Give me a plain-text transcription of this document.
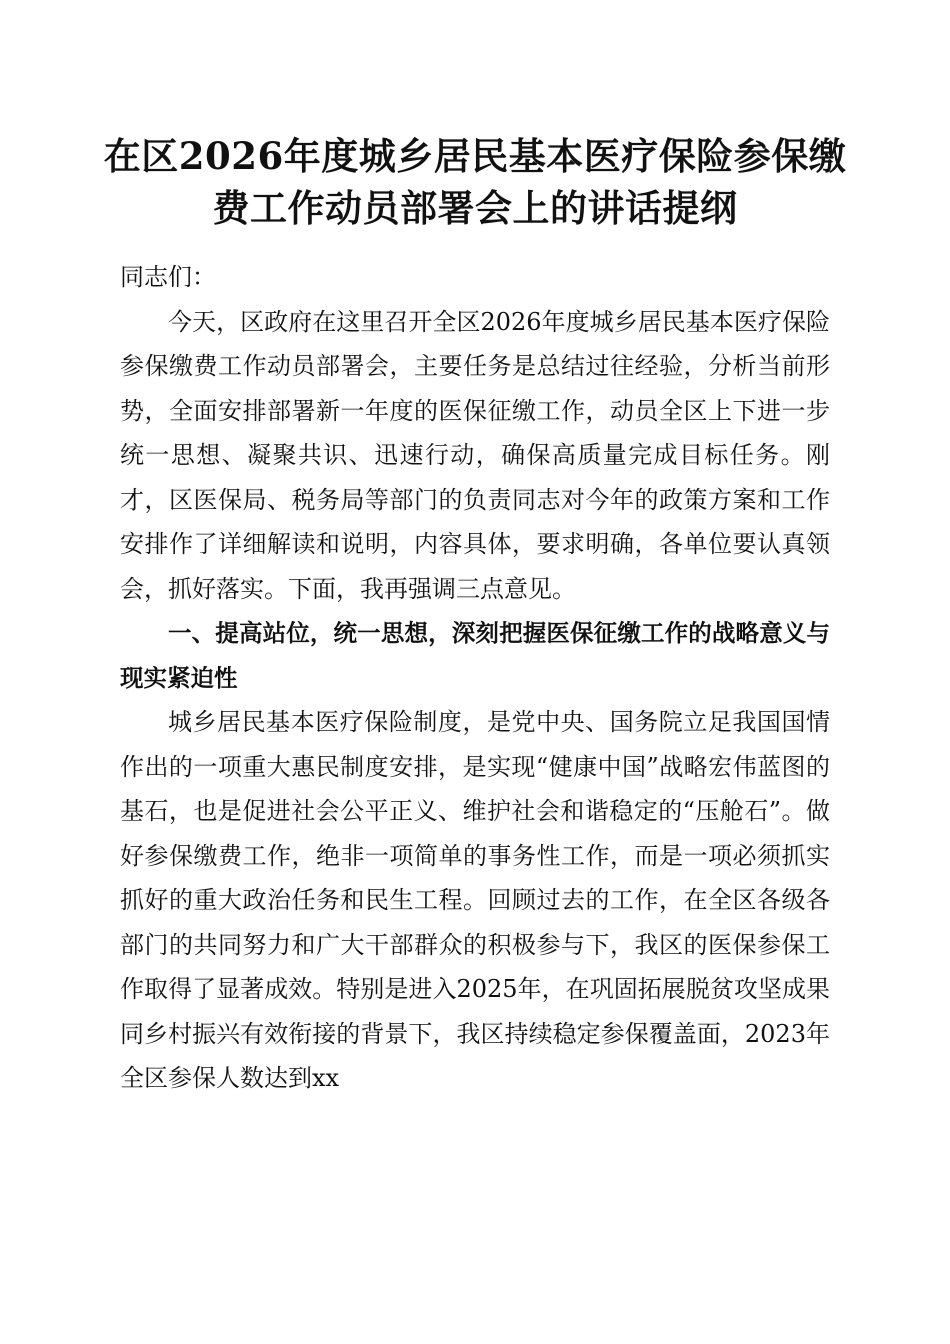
在区2026年度城乡居民基本医疗保险参保缴
费工作动员部署会上的讲话提纲

同志们：

今天，区政府在这里召开全区2026年度城乡居民基本医疗保险参保缴费工作动员部署会，主要任务是总结过往经验，分析当前形势，全面安排部署新一年度的医保征缴工作，动员全区上下进一步统一思想、凝聚共识、迅速行动，确保高质量完成目标任务。刚才，区医保局、税务局等部门的负责同志对今年的政策方案和工作安排作了详细解读和说明，内容具体，要求明确，各单位要认真领会，抓好落实。下面，我再强调三点意见。

一、提高站位，统一思想，深刻把握医保征缴工作的战略意义与现实紧迫性

城乡居民基本医疗保险制度，是党中央、国务院立足我国国情作出的一项重大惠民制度安排，是实现“健康中国”战略宏伟蓝图的基石，也是促进社会公平正义、维护社会和谐稳定的“压舱石”。做好参保缴费工作，绝非一项简单的事务性工作，而是一项必须抓实抓好的重大政治任务和民生工程。回顾过去的工作，在全区各级各部门的共同努力和广大干部群众的积极参与下，我区的医保参保工作取得了显著成效。特别是进入2025年，在巩固拓展脱贫攻坚成果同乡村振兴有效衔接的背景下，我区持续稳定参保覆盖面，2023年全区参保人数达到xx
